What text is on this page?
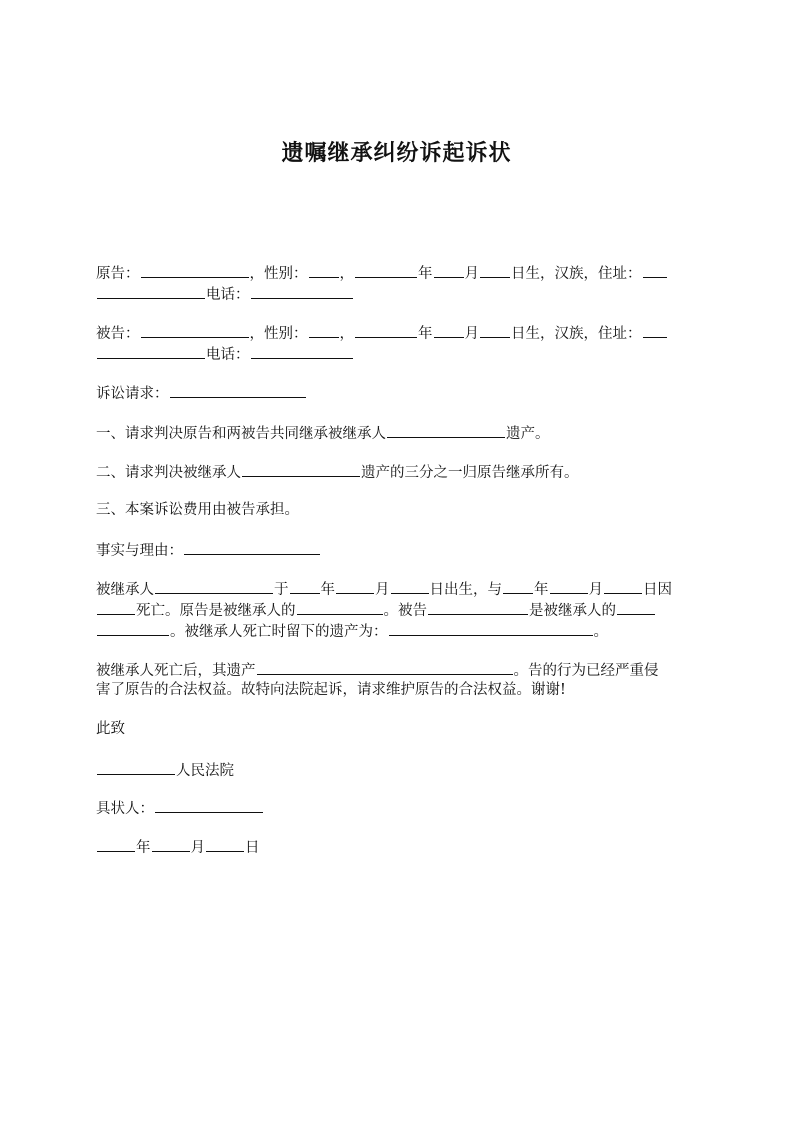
遗嘱继承纠纷诉起诉状
原告：	，性别： ，	年 月 日生，汉族，住址：
电话：
被告：	，性别： ，	年 月 日生，汉族，住址：
电话：
诉讼请求：
一、请求判决原告和两被告共同继承被继承人	遗产。
二、请求判决被继承人	遗产的三分之一归原告继承所有。
三、本案诉讼费用由被告承担。
事实与理由：
被继承人	于 年	月	日出生，与 年	月	日因
死亡。原告是被继承人的	。被告	是被继承人的
。被继承人死亡时留下的遗产为：	。
被继承人死亡后，其遗产	。告的行为已经严重侵
害了原告的合法权益。故特向法院起诉，请求维护原告的合法权益。谢谢!
此致
人民法院
具状人：
年	月	日
